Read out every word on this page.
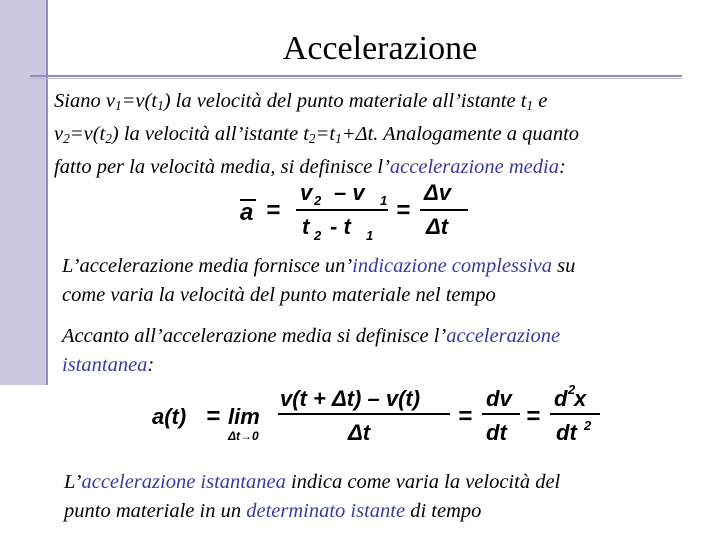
Accelerazione
Siano $v_1=v(t_1)$ la velocità del punto materiale all’istante $t_1$ e
$v_2=v(t_2)$ la velocità all’istante $t_2=t_1+\Delta t$. Analogamente a quanto
fatto per la velocità media, si definisce l’accelerazione media:
a =
v 2 – v 1
t 2 - t 1
=
Δv
Δt
L’accelerazione media fornisce un’indicazione complessiva su
come varia la velocità del punto materiale nel tempo
Accanto all’accelerazione media si definisce l’accelerazione
istantanea:
a(t) = lim
Δt→0
v(t + Δt) – v(t)
Δt
=
dv
dt
=
d 2
x
dt 2
L’accelerazione istantanea indica come varia la velocità del
punto materiale in un determinato istante di tempo
